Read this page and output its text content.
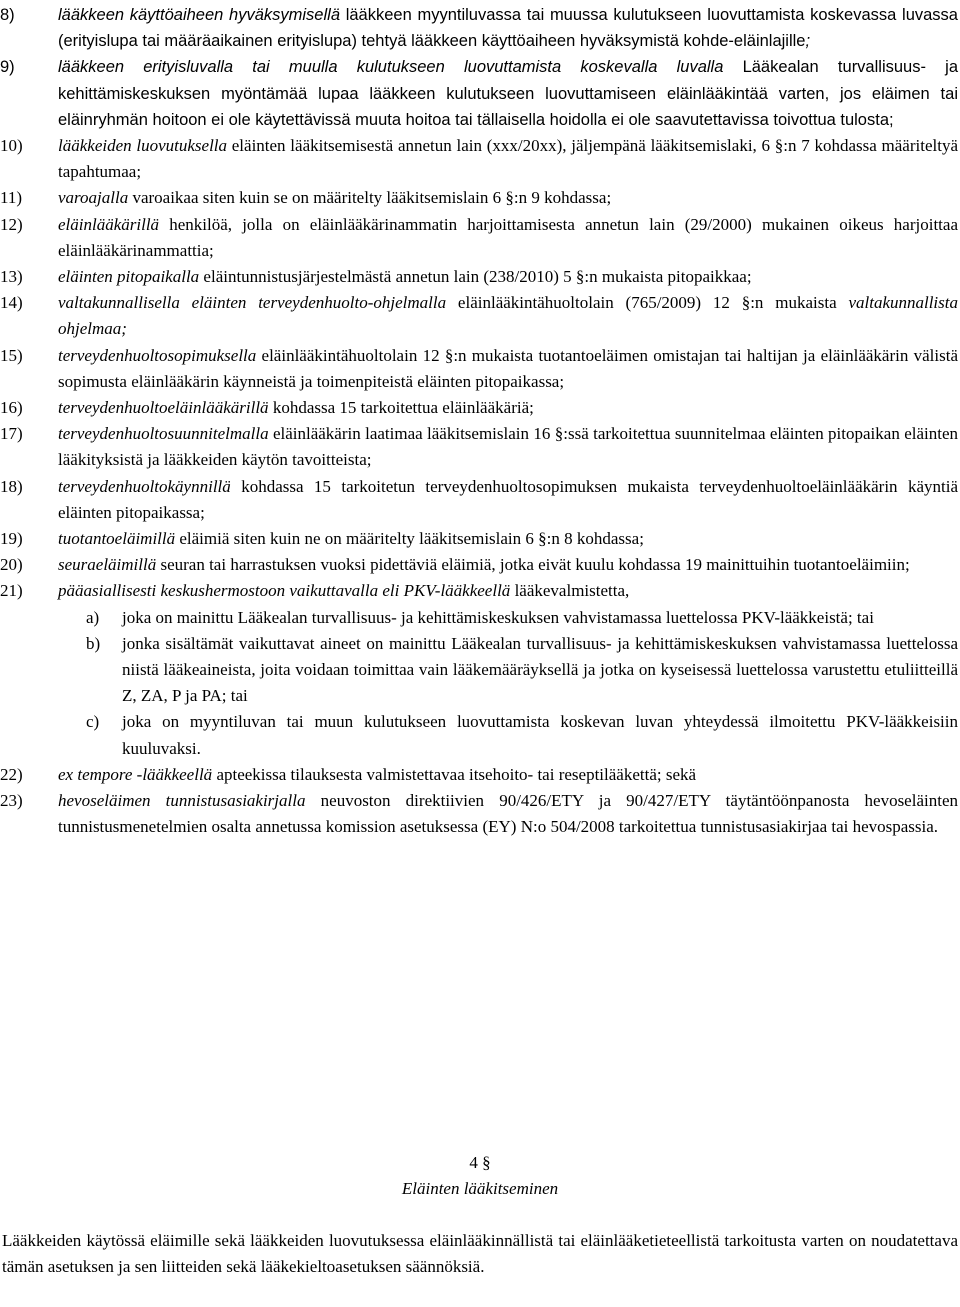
8)	lääkkeen käyttöaiheen hyväksymisellä lääkkeen myyntiluvassa tai muussa kulutukseen luovuttamista koskevassa luvassa (erityislupa tai määräaikainen erityislupa) tehtyä lääkkeen käyttöaiheen hyväksymistä kohde-eläinlajille;
9)	lääkkeen erityisluvalla tai muulla kulutukseen luovuttamista koskevalla luvalla Lääkealan turvallisuus- ja kehittämiskeskuksen myöntämää lupaa lääkkeen kulutukseen luovuttamiseen eläinlääkintää varten, jos eläimen tai eläinryhmän hoitoon ei ole käytettävissä muuta hoitoa tai tällaisella hoidolla ei ole saavutettavissa toivottua tulosta;
10)	lääkkeiden luovutuksella eläinten lääkitsemisestä annetun lain (xxx/20xx), jäljempänä lääkitsemislaki, 6 §:n 7 kohdassa määriteltyä tapahtumaa;
11)	varoajalla varoaikaa siten kuin se on määritelty lääkitsemislain 6 §:n 9 kohdassa;
12)	eläinlääkärillä henkilöä, jolla on eläinlääkärinammatin harjoittamisesta annetun lain (29/2000) mukainen oikeus harjoittaa eläinlääkärinammattia;
13)	eläinten pitopaikalla eläintunnistusjärjestelmästä annetun lain (238/2010) 5 §:n mukaista pitopaikkaa;
14)	valtakunnallisella eläinten terveydenhuolto-ohjelmalla eläinlääkintähuoltolain (765/2009) 12 §:n mukaista valtakunnallista ohjelmaa;
15)	terveydenhuoltosopimuksella eläinlääkintähuoltolain 12 §:n mukaista tuotantoeläimen omistajan tai haltijan ja eläinlääkärin välistä sopimusta eläinlääkärin käynneistä ja toimenpiteistä eläinten pitopaikassa;
16)	terveydenhuoltoeläinlääkärillä kohdassa 15 tarkoitettua eläinlääkäriä;
17)	terveydenhuoltosuunnitelmalla eläinlääkärin laatimaa lääkitsemislain 16 §:ssä tarkoitettua suunnitelmaa eläinten pitopaikan eläinten lääkityksistä ja lääkkeiden käytön tavoitteista;
18)	terveydenhuoltokäynnillä kohdassa 15 tarkoitetun terveydenhuoltosopimuksen mukaista terveydenhuoltoeläinlääkärin käyntiä eläinten pitopaikassa;
19)	tuotantoeläimillä eläimiä siten kuin ne on määritelty lääkitsemislain 6 §:n 8 kohdassa;
20)	seuraeläimillä seuran tai harrastuksen vuoksi pidettäviä eläimiä, jotka eivät kuulu kohdassa 19 mainittuihin tuotantoeläimiin;
21)	pääasiallisesti keskushermostoon vaikuttavalla eli PKV-lääkkeellä lääkevalmistetta,
a) joka on mainittu Lääkealan turvallisuus- ja kehittämiskeskuksen vahvistamassa luettelossa PKV-lääkkeistä; tai
b) jonka sisältämät vaikuttavat aineet on mainittu Lääkealan turvallisuus- ja kehittämiskeskuksen vahvistamassa luettelossa niistä lääkeaineista, joita voidaan toimittaa vain lääkemääräyksellä ja jotka on kyseisessä luettelossa varustettu etuliitteillä Z, ZA, P ja PA; tai
c) joka on myyntiluvan tai muun kulutukseen luovuttamista koskevan luvan yhteydessä ilmoitettu PKV-lääkkeisiin kuuluvaksi.
22)	ex tempore -lääkkeellä apteekissa tilauksesta valmistettavaa itsehoito- tai reseptilääkettä; sekä
23)	hevoseläimen tunnistusasiakirjalla neuvoston direktiivien 90/426/ETY ja 90/427/ETY täytäntöönpanosta hevoseläinten tunnistusmenetelmien osalta annetussa komission asetuksessa (EY) N:o 504/2008 tarkoitettua tunnistusasiakirjaa tai hevospassia.
4 §
Eläinten lääkitseminen
Lääkkeiden käytössä eläimille sekä lääkkeiden luovutuksessa eläinlääkinnällistä tai eläinlääketieteellistä tarkoitusta varten on noudatettava tämän asetuksen ja sen liitteiden sekä lääkekieltoasetuksen säännöksiä.
